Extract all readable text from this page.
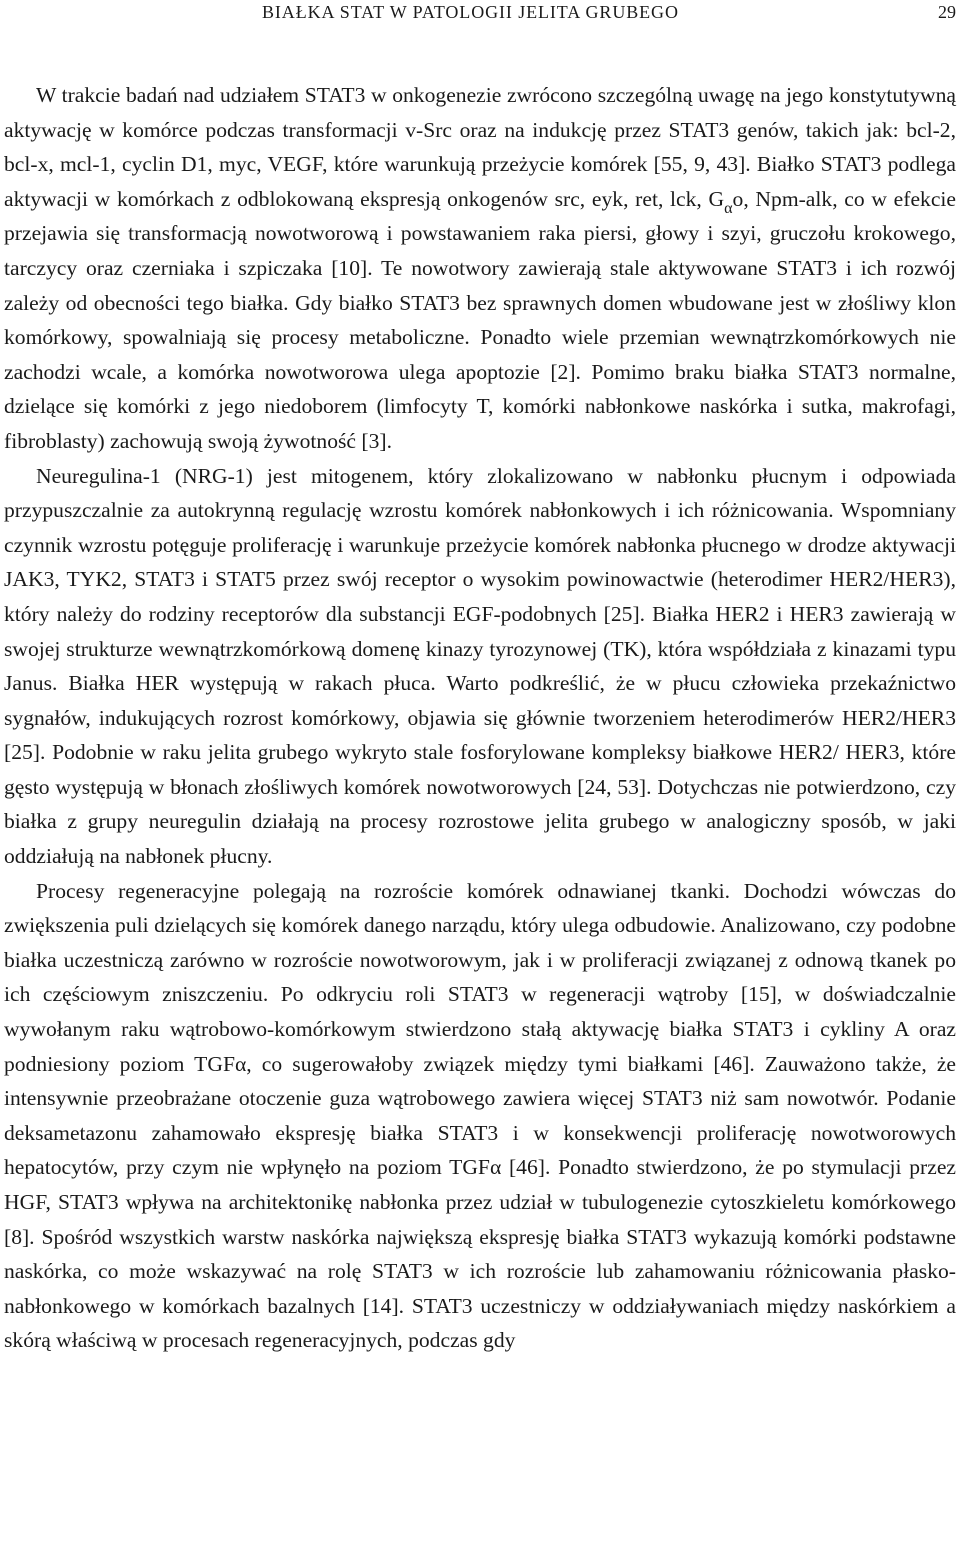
BIAŁKA STAT W PATOLOGII JELITA GRUBEGO	29

W trakcie badań nad udziałem STAT3 w onkogenezie zwrócono szczególną uwagę na jego konstytutywną aktywację w komórce podczas transformacji v-Src oraz na indukcję przez STAT3 genów, takich jak: bcl-2, bcl-x, mcl-1, cyclin D1, myc, VEGF, które warunkują przeżycie komórek [55, 9, 43]. Białko STAT3 podlega aktywacji w komórkach z odblokowaną ekspresją onkogenów src, eyk, ret, lck, $G_\alpha o$, Npm-alk, co w efekcie przejawia się transformacją nowotworową i powstawaniem raka piersi, głowy i szyi, gruczołu krokowego, tarczycy oraz czerniaka i szpiczaka [10]. Te nowotwory zawierają stale aktywowane STAT3 i ich rozwój zależy od obecności tego białka. Gdy białko STAT3 bez sprawnych domen wbudowane jest w złośliwy klon komórkowy, spowalniają się procesy metaboliczne. Ponadto wiele przemian wewnątrzkomórkowych nie zachodzi wcale, a komórka nowotworowa ulega apoptozie [2]. Pomimo braku białka STAT3 normalne, dzielące się komórki z jego niedoborem (limfocyty T, komórki nabłonkowe naskórka i sutka, makrofagi, fibroblasty) zachowują swoją żywotność [3].

Neuregulina-1 (NRG-1) jest mitogenem, który zlokalizowano w nabłonku płucnym i odpowiada przypuszczalnie za autokrynną regulację wzrostu komórek nabłonkowych i ich różnicowania. Wspomniany czynnik wzrostu potęguje proliferację i warunkuje przeżycie komórek nabłonka płucnego w drodze aktywacji JAK3, TYK2, STAT3 i STAT5 przez swój receptor o wysokim powinowactwie (heterodimer HER2/HER3), który należy do rodziny receptorów dla substancji EGF-podobnych [25]. Białka HER2 i HER3 zawierają w swojej strukturze wewnątrzkomórkową domenę kinazy tyrozynowej (TK), która współdziała z kinazami typu Janus. Białka HER występują w rakach płuca. Warto podkreślić, że w płucu człowieka przekaźnictwo sygnałów, indukujących rozrost komórkowy, objawia się głównie tworzeniem heterodimerów HER2/HER3 [25]. Podobnie w raku jelita grubego wykryto stale fosforylowane kompleksy białkowe HER2/ HER3, które gęsto występują w błonach złośliwych komórek nowotworowych [24, 53]. Dotychczas nie potwierdzono, czy białka z grupy neuregulin działają na procesy rozrostowe jelita grubego w analogiczny sposób, w jaki oddziałują na nabłonek płucny.

Procesy regeneracyjne polegają na rozroście komórek odnawianej tkanki. Dochodzi wówczas do zwiększenia puli dzielących się komórek danego narządu, który ulega odbudowie. Analizowano, czy podobne białka uczestniczą zarówno w rozroście nowotworowym, jak i w proliferacji związanej z odnową tkanek po ich częściowym zniszczeniu. Po odkryciu roli STAT3 w regeneracji wątroby [15], w doświadczalnie wywołanym raku wątrobowo-komórkowym stwierdzono stałą aktywację białka STAT3 i cykliny A oraz podniesiony poziom TGFα, co sugerowałoby związek między tymi białkami [46]. Zauważono także, że intensywnie przeobrażane otoczenie guza wątrobowego zawiera więcej STAT3 niż sam nowotwór. Podanie deksametazonu zahamowało ekspresję białka STAT3 i w konsekwencji proliferację nowotworowych hepatocytów, przy czym nie wpłynęło na poziom TGFα [46]. Ponadto stwierdzono, że po stymulacji przez HGF, STAT3 wpływa na architektonikę nabłonka przez udział w tubulogenezie cytoszkieletu komórkowego [8]. Spośród wszystkich warstw naskórka największą ekspresję białka STAT3 wykazują komórki podstawne naskórka, co może wskazywać na rolę STAT3 w ich rozroście lub zahamowaniu różnicowania płasko-nabłonkowego w komórkach bazalnych [14]. STAT3 uczestniczy w oddziaływaniach między naskórkiem a skórą właściwą w procesach regeneracyjnych, podczas gdy
